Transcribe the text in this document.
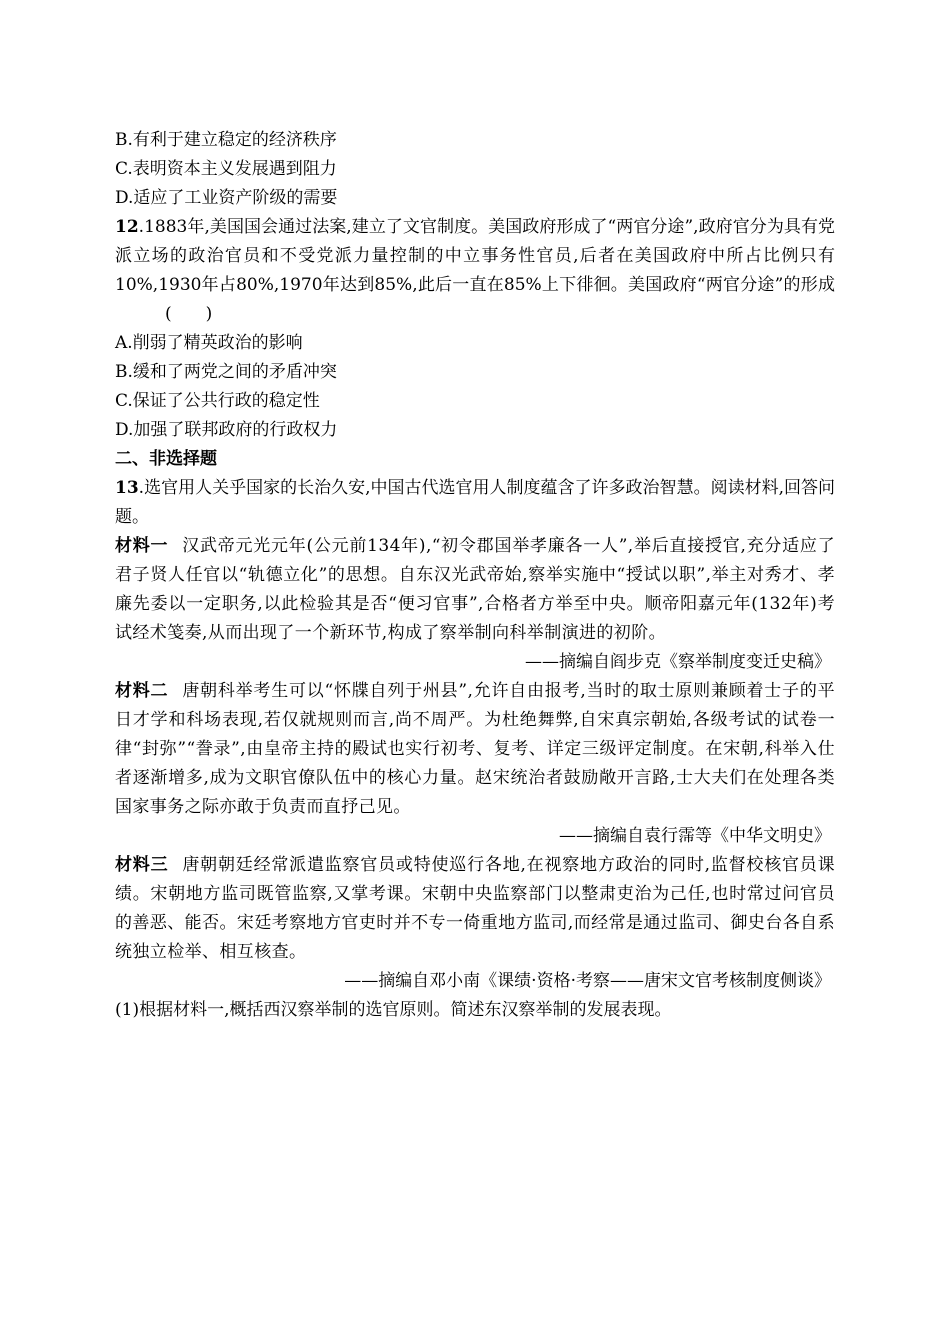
B.有利于建立稳定的经济秩序

C.表明资本主义发展遇到阻力

D.适应了工业资产阶级的需要

12.1883年,美国国会通过法案,建立了文官制度。美国政府形成了“两官分途”,政府官分为具有党派立场的政治官员和不受党派力量控制的中立事务性官员,后者在美国政府中所占比例只有10%,1930年占80%,1970年达到85%,此后一直在85%上下徘徊。美国政府“两官分途”的形成(　　)

A.削弱了精英政治的影响

B.缓和了两党之间的矛盾冲突

C.保证了公共行政的稳定性

D.加强了联邦政府的行政权力

二、非选择题

13.选官用人关乎国家的长治久安,中国古代选官用人制度蕴含了许多政治智慧。阅读材料,回答问题。

材料一 汉武帝元光元年(公元前134年),“初令郡国举孝廉各一人”,举后直接授官,充分适应了君子贤人任官以“轨德立化”的思想。自东汉光武帝始,察举实施中“授试以职”,举主对秀才、孝廉先委以一定职务,以此检验其是否“便习官事”,合格者方举至中央。顺帝阳嘉元年(132年)考试经术笺奏,从而出现了一个新环节,构成了察举制向科举制演进的初阶。

——摘编自阎步克《察举制度变迁史稿》

材料二 唐朝科举考生可以“怀牒自列于州县”,允许自由报考,当时的取士原则兼顾着士子的平日才学和科场表现,若仅就规则而言,尚不周严。为杜绝舞弊,自宋真宗朝始,各级考试的试卷一律“封弥”“誊录”,由皇帝主持的殿试也实行初考、复考、详定三级评定制度。在宋朝,科举入仕者逐渐增多,成为文职官僚队伍中的核心力量。赵宋统治者鼓励敞开言路,士大夫们在处理各类国家事务之际亦敢于负责而直抒己见。

——摘编自袁行霈等《中华文明史》

材料三 唐朝朝廷经常派遣监察官员或特使巡行各地,在视察地方政治的同时,监督校核官员课绩。宋朝地方监司既管监察,又掌考课。宋朝中央监察部门以整肃吏治为己任,也时常过问官员的善恶、能否。宋廷考察地方官吏时并不专一倚重地方监司,而经常是通过监司、御史台各自系统独立检举、相互核查。

——摘编自邓小南《课绩·资格·考察——唐宋文官考核制度侧谈》

(1)根据材料一,概括西汉察举制的选官原则。简述东汉察举制的发展表现。
